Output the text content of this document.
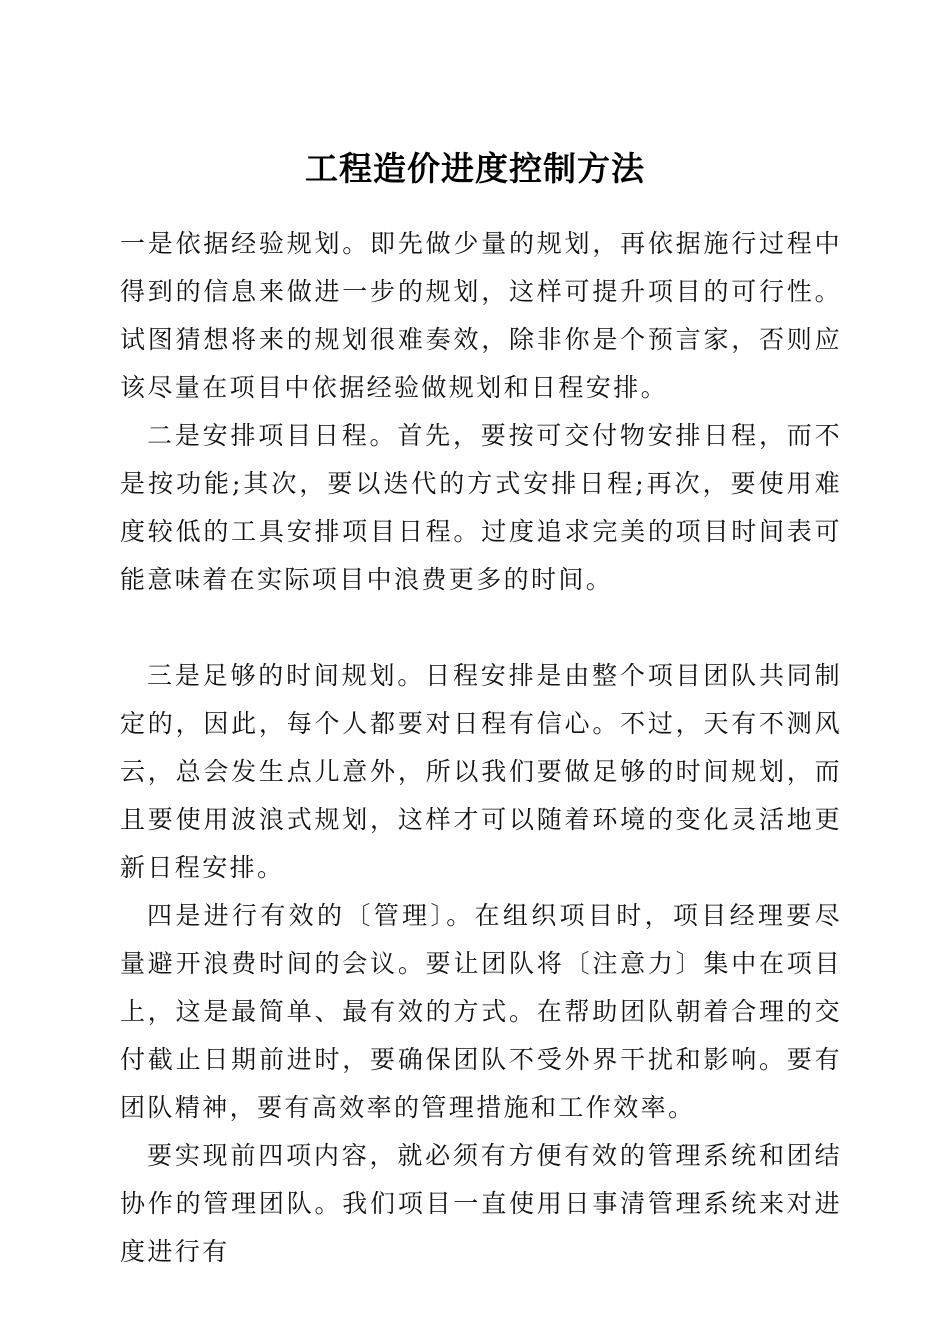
工程造价进度控制方法

一是依据经验规划。即先做少量的规划，再依据施行过程中得到的信息来做进一步的规划，这样可提升项目的可行性。试图猜想将来的规划很难奏效，除非你是个预言家，否则应该尽量在项目中依据经验做规划和日程安排。

二是安排项目日程。首先，要按可交付物安排日程，而不是按功能;其次，要以迭代的方式安排日程;再次，要使用难度较低的工具安排项目日程。过度追求完美的项目时间表可能意味着在实际项目中浪费更多的时间。

三是足够的时间规划。日程安排是由整个项目团队共同制定的，因此，每个人都要对日程有信心。不过，天有不测风云，总会发生点儿意外，所以我们要做足够的时间规划，而且要使用波浪式规划，这样才可以随着环境的变化灵活地更新日程安排。

四是进行有效的〔管理〕。在组织项目时，项目经理要尽量避开浪费时间的会议。要让团队将〔注意力〕集中在项目上，这是最简单、最有效的方式。在帮助团队朝着合理的交付截止日期前进时，要确保团队不受外界干扰和影响。要有团队精神，要有高效率的管理措施和工作效率。

要实现前四项内容，就必须有方便有效的管理系统和团结协作的管理团队。我们项目一直使用日事清管理系统来对进度进行有
